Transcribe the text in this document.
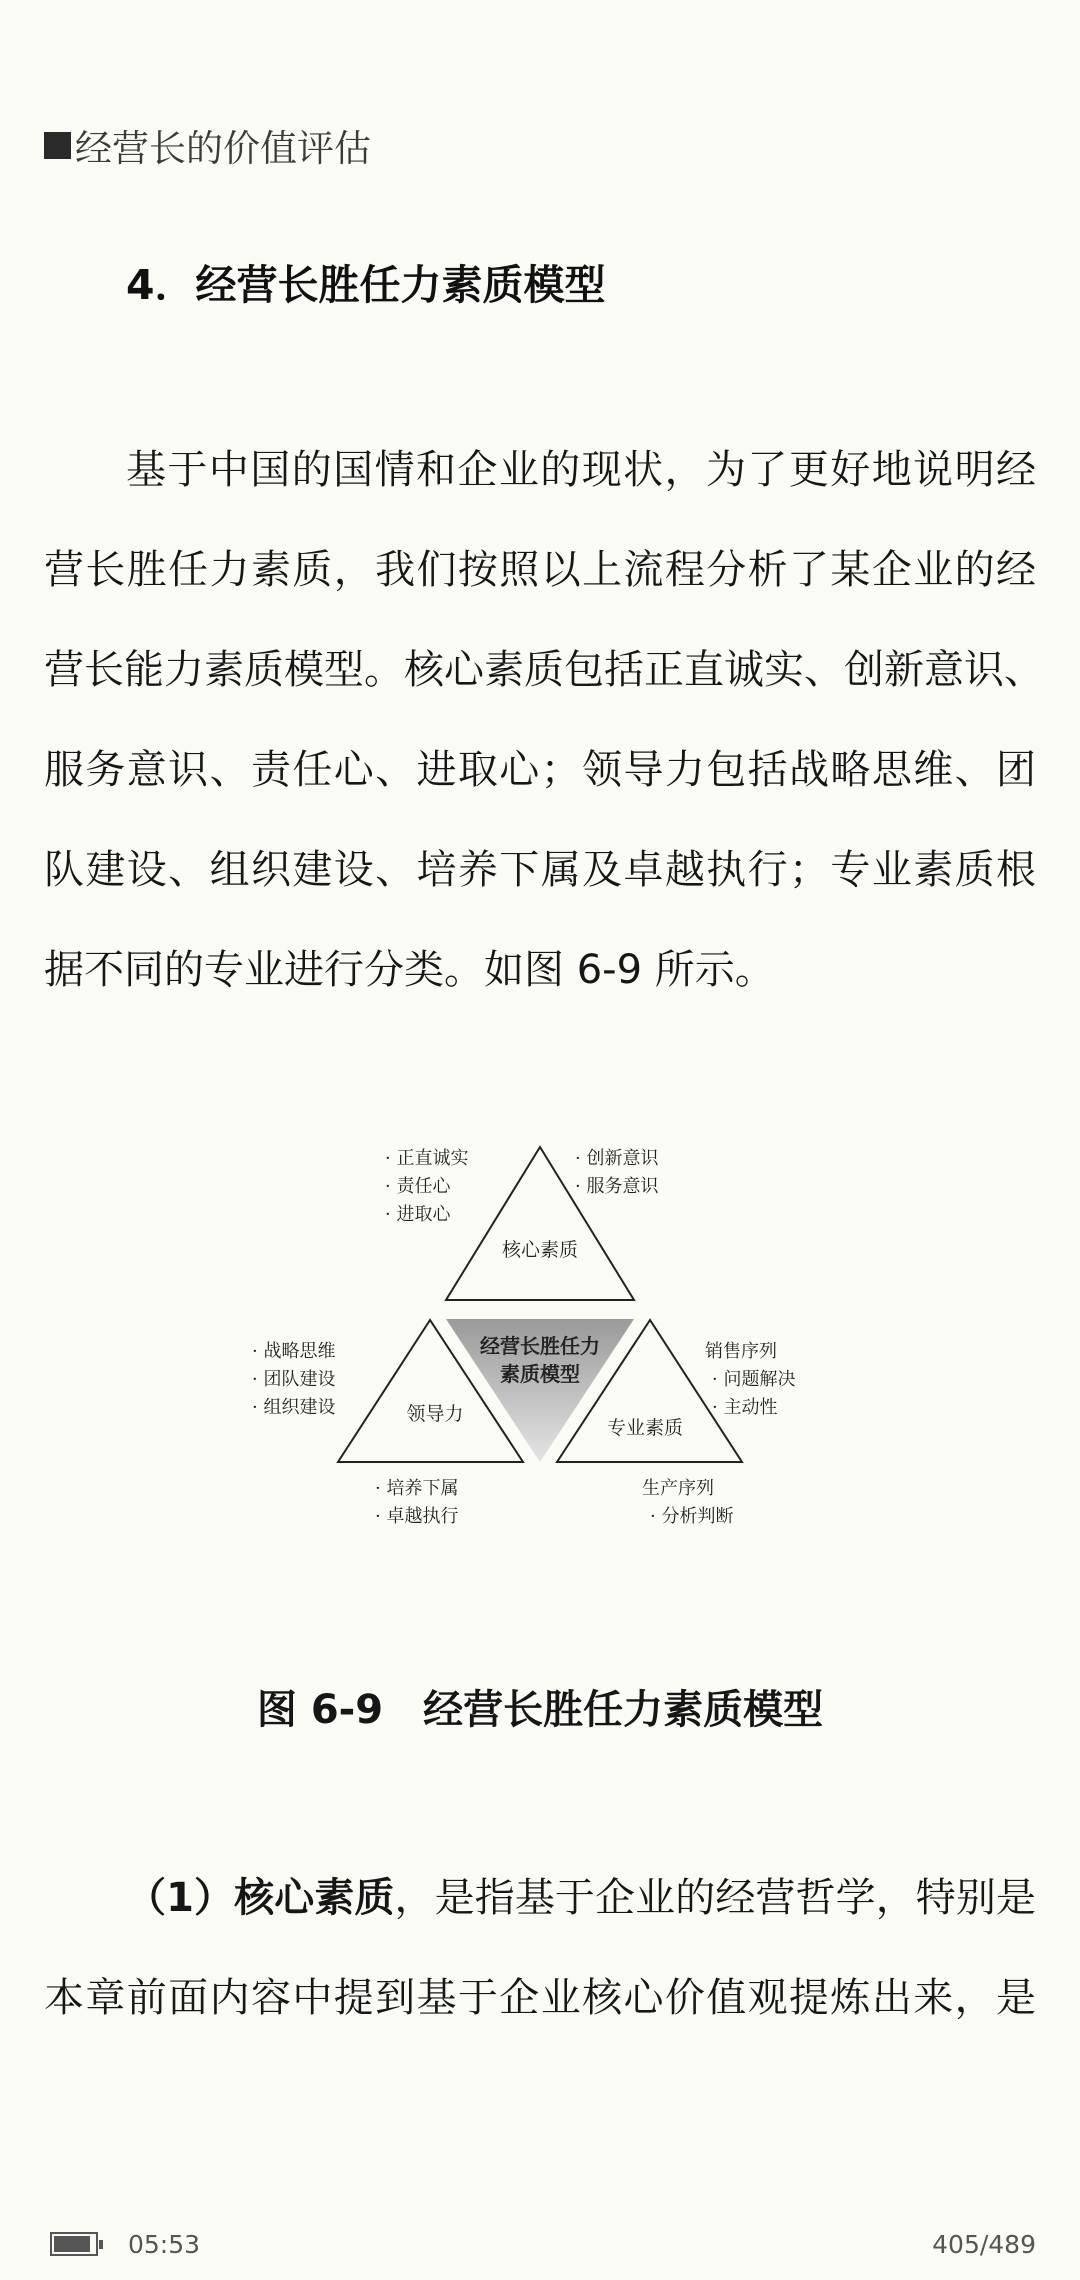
经营长的价值评估
4．经营长胜任力素质模型
基于中国的国情和企业的现状，为了更好地说明经
营长胜任力素质，我们按照以上流程分析了某企业的经
营长能力素质模型。核心素质包括正直诚实、创新意识、
服务意识、责任心、进取心；领导力包括战略思维、团
队建设、组织建设、培养下属及卓越执行；专业素质根
据不同的专业进行分类。如图 6-9 所示。
经营长胜任力
素质模型
核心素质
· 正直诚实
· 责任心
· 进取心
· 创新意识
· 服务意识
领导力
· 战略思维
· 团队建设
· 组织建设
· 培养下属
· 卓越执行
专业素质
销售序列
· 问题解决
· 主动性
生产序列
· 分析判断
图 6-9 经营长胜任力素质模型
（1）核心素质，是指基于企业的经营哲学，特别是
本章前面内容中提到基于企业核心价值观提炼出来，是
05:53	405/489
